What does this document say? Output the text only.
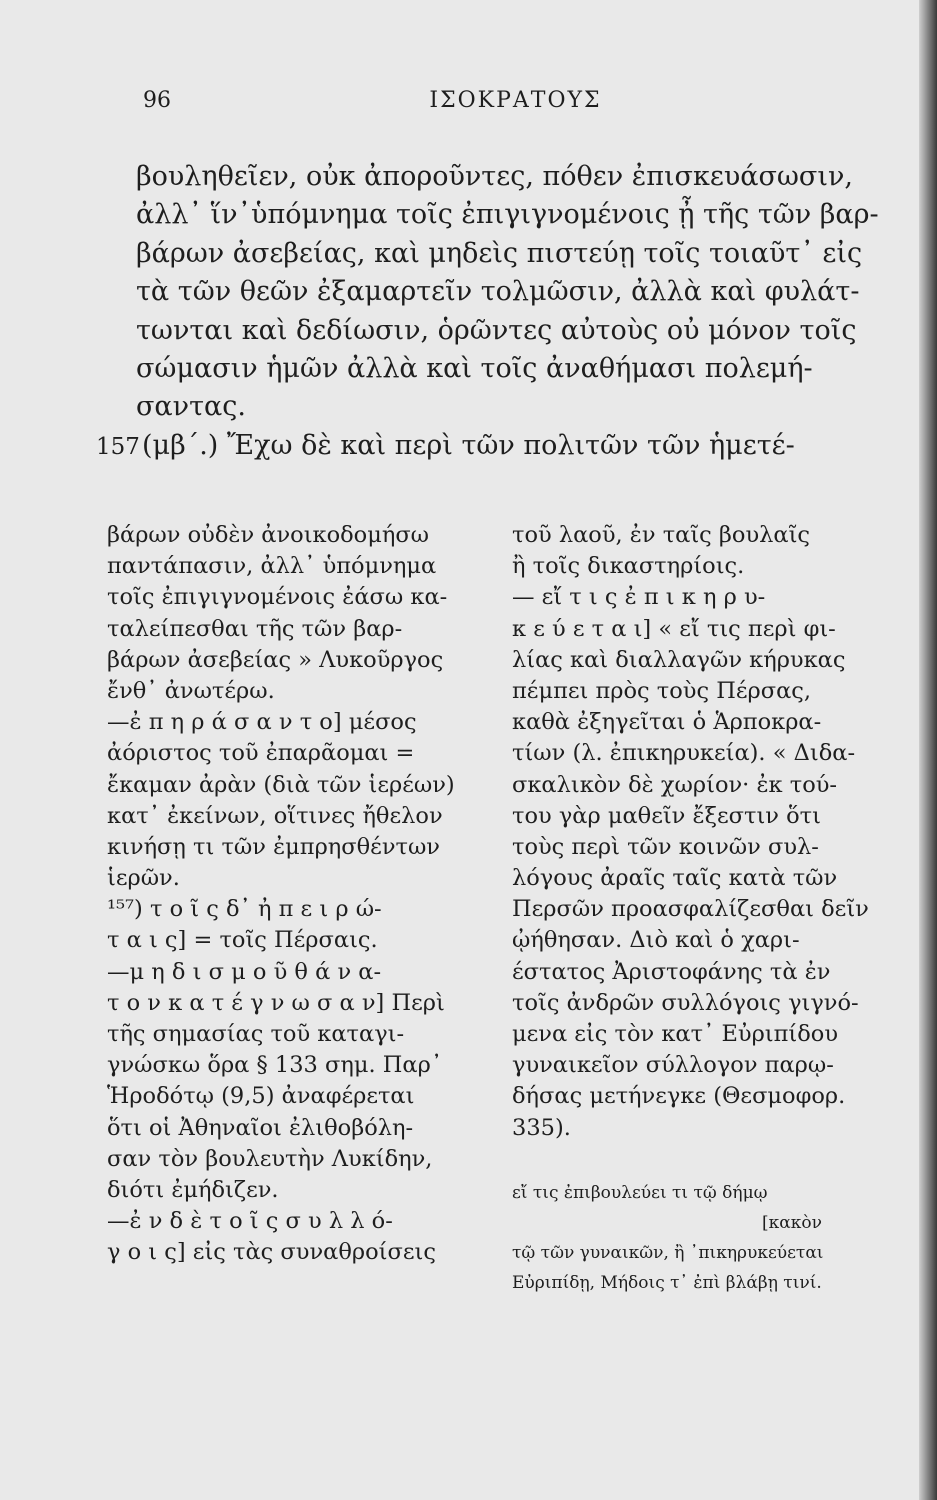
96	ΙΣΟΚΡΑΤΟΥΣ
βουληθεῖεν, οὐκ ἀποροῦντες, πόθεν ἐπισκευάσωσιν,
ἀλλ᾽ ἵν᾽ὑπόμνημα τοῖς ἐπιγιγνομένοις ᾖ τῆς τῶν βαρ-
βάρων ἀσεβείας, καὶ μηδεὶς πιστεύῃ τοῖς τοιαῦτ᾽ εἰς
τὰ τῶν θεῶν ἐξαμαρτεῖν τολμῶσιν, ἀλλὰ καὶ φυλάτ-
τωνται καὶ δεδίωσιν, ὁρῶντες αὐτοὺς οὐ μόνον τοῖς
σώμασιν ἡμῶν ἀλλὰ καὶ τοῖς ἀναθήμασι πολεμή-
σαντας.
157(μβ΄.) Ἔχω δὲ καὶ περὶ τῶν πολιτῶν τῶν ἡμετέ-
βάρων οὐδὲν ἀνοικοδομήσω
παντάπασιν, ἀλλ᾽ ὑπόμνημα
τοῖς ἐπιγιγνομένοις ἐάσω κα-
ταλείπεσθαι τῆς τῶν βαρ-
βάρων ἀσεβείας » Λυκοῦργος
ἔνθ᾽ ἀνωτέρω.
—ἐ π η ρ ά σ α ν τ ο] μέσος
ἀόριστος τοῦ ἐπαρᾶομαι =
ἔκαμαν ἀρὰν (διὰ τῶν ἱερέων)
κατ᾽ ἐκείνων, οἵτινες ἤθελον
κινήσῃ τι τῶν ἐμπρησθέντων
ἱερῶν.
¹⁵⁷) τ ο ῖ ς δ᾽ ἠ π ε ι ρ ώ-
τ α ι ς] = τοῖς Πέρσαις.
—μ η δ ι σ μ ο ῦ θ ά ν α-
τ ο ν κ α τ έ γ ν ω σ α ν] Περὶ
τῆς σημασίας τοῦ καταγι-
γνώσκω ὅρα § 133 σημ. Παρ᾽
Ἡροδότῳ (9,5) ἀναφέρεται
ὅτι οἱ Ἀθηναῖοι ἐλιθοβόλη-
σαν τὸν βουλευτὴν Λυκίδην,
διότι ἐμήδιζεν.
—ἐ ν δ ὲ τ ο ῖ ς σ υ λ λ ό-
γ ο ι ς] εἰς τὰς συναθροίσεις
τοῦ λαοῦ, ἐν ταῖς βουλαῖς
ἢ τοῖς δικαστηρίοις.
— εἴ τ ι ς ἐ π ι κ η ρ υ-
κ ε ύ ε τ α ι] « εἴ τις περὶ φι-
λίας καὶ διαλλαγῶν κήρυκας
πέμπει πρὸς τοὺς Πέρσας,
καθὰ ἐξηγεῖται ὁ Ἁρποκρα-
τίων (λ. ἐπικηρυκεία). « Διδα-
σκαλικὸν δὲ χωρίον· ἐκ τού-
του γὰρ μαθεῖν ἔξεστιν ὅτι
τοὺς περὶ τῶν κοινῶν συλ-
λόγους ἀραῖς ταῖς κατὰ τῶν
Περσῶν προασφαλίζεσθαι δεῖν
ᾠήθησαν. Διὸ καὶ ὁ χαρι-
έστατος Ἀριστοφάνης τὰ ἐν
τοῖς ἀνδρῶν συλλόγοις γιγνό-
μενα εἰς τὸν κατ᾽ Εὐριπίδου
γυναικεῖον σύλλογον παρῳ-
δήσας μετήνεγκε (Θεσμοφορ.
335).
εἴ τις ἐπιβουλεύει τι τῷ δήμῳ
[κακὸν
τῷ τῶν γυναικῶν, ἢ ᾽πικηρυκεύεται
Εὐριπίδῃ, Μήδοις τ᾽ ἐπὶ βλάβῃ τινί.
